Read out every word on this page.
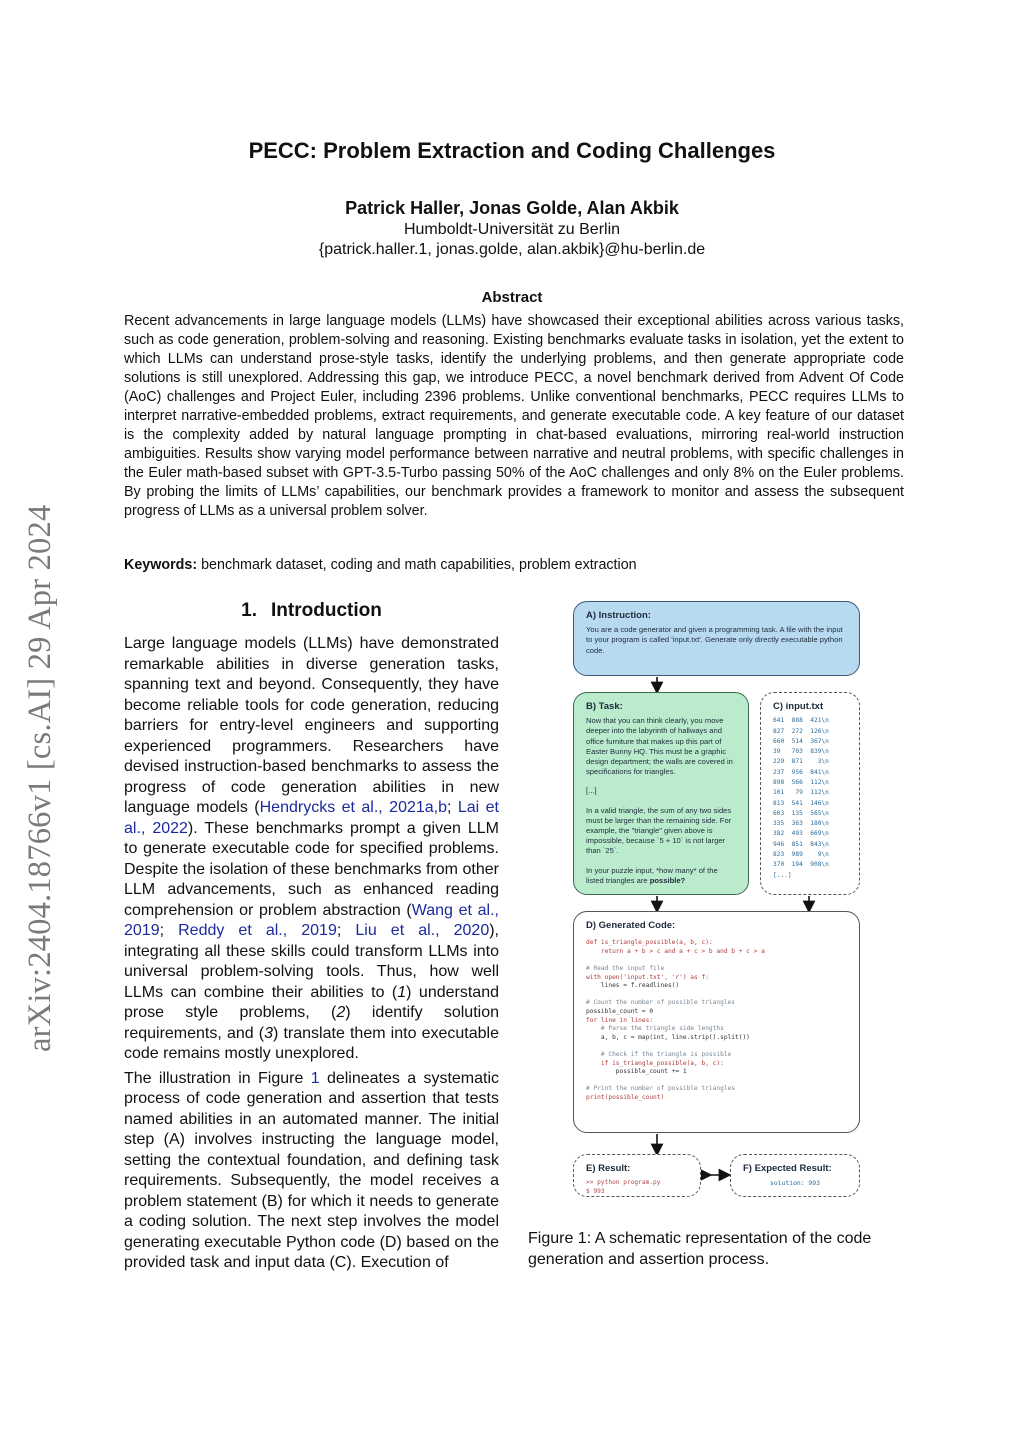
arXiv:2404.18766v1 [cs.AI] 29 Apr 2024
PECC: Problem Extraction and Coding Challenges
Patrick Haller, Jonas Golde, Alan Akbik
Humboldt-Universität zu Berlin
{patrick.haller.1, jonas.golde, alan.akbik}@hu-berlin.de
Abstract

Recent advancements in large language models (LLMs) have showcased their exceptional abilities across various tasks, such as code generation, problem-solving and reasoning. Existing benchmarks evaluate tasks in isolation, yet the extent to which LLMs can understand prose-style tasks, identify the underlying problems, and then generate appropriate code solutions is still unexplored. Addressing this gap, we introduce PECC, a novel benchmark derived from Advent Of Code (AoC) challenges and Project Euler, including 2396 problems. Unlike conventional benchmarks, PECC requires LLMs to interpret narrative-embedded problems, extract requirements, and generate executable code. A key feature of our dataset is the complexity added by natural language prompting in chat-based evaluations, mirroring real-world instruction ambiguities. Results show varying model performance between narrative and neutral problems, with specific challenges in the Euler math-based subset with GPT-3.5-Turbo passing 50% of the AoC challenges and only 8% on the Euler problems. By probing the limits of LLMs’ capabilities, our benchmark provides a framework to monitor and assess the subsequent progress of LLMs as a universal problem solver.

Keywords: benchmark dataset, coding and math capabilities, problem extraction

1. Introduction

Large language models (LLMs) have demonstrated remarkable abilities in diverse generation tasks, spanning text and beyond. Consequently, they have become reliable tools for code generation, reducing barriers for entry-level engineers and supporting experienced programmers. Researchers have devised instruction-based benchmarks to assess the progress of code generation abilities in new language models (Hendrycks et al., 2021a,b; Lai et al., 2022). These benchmarks prompt a given LLM to generate executable code for specified problems. Despite the isolation of these benchmarks from other LLM advancements, such as enhanced reading comprehension or problem abstraction (Wang et al., 2019; Reddy et al., 2019; Liu et al., 2020), integrating all these skills could transform LLMs into universal problem-solving tools. Thus, how well LLMs can combine their abilities to (1) understand prose style problems, (2) identify solution requirements, and (3) translate them into executable code remains mostly unexplored.

The illustration in Figure 1 delineates a systematic process of code generation and assertion that tests named abilities in an automated manner. The initial step (A) involves instructing the language model, setting the contextual foundation, and defining task requirements. Subsequently, the model receives a problem statement (B) for which it needs to generate a coding solution. The next step involves the model generating executable Python code (D) based on the provided task and input data (C). Execution of

A) Instruction:
You are a code generator and given a programming task. A file with the input to your program is called 'input.txt'. Generate only directly executable python code.
B) Task:
Now that you can think clearly, you move deeper into the labyrinth of hallways and office furniture that makes up this part of Easter Bunny HQ. This must be a graphic design department; the walls are covered in specifications for triangles.
[...]
In a valid triangle, the sum of any two sides must be larger than the remaining side. For example, the "triangle" given above is impossible, because `5 + 10` is not larger than `25`.
In your puzzle input, *how many* of the listed triangles are possible?
C) input.txt
641  888  421\n
827  272  126\n
660  514  367\n
39   703  839\n
229  871    3\n
237  956  841\n
898  566  112\n
101   79  112\n
813  541  146\n
603  135  565\n
335  363  180\n
382  493  669\n
946  851  843\n
823  989    9\n
370  194  908\n
[...]
D) Generated Code:
def is_triangle_possible(a, b, c):
return a + b > c and a + c > b and b + c > a
# Read the input file
with open('input.txt', 'r') as f:
lines = f.readlines()
# Count the number of possible triangles
possible_count = 0
for line in lines:
# Parse the triangle side lengths
a, b, c = map(int, line.strip().split())
# Check if the triangle is possible
if is_triangle_possible(a, b, c):
possible_count += 1
# Print the number of possible triangles
print(possible_count)
E) Result:
>> python program.py
$ 993
F) Expected Result:
solution: 993

Figure 1: A schematic representation of the code generation and assertion process.
